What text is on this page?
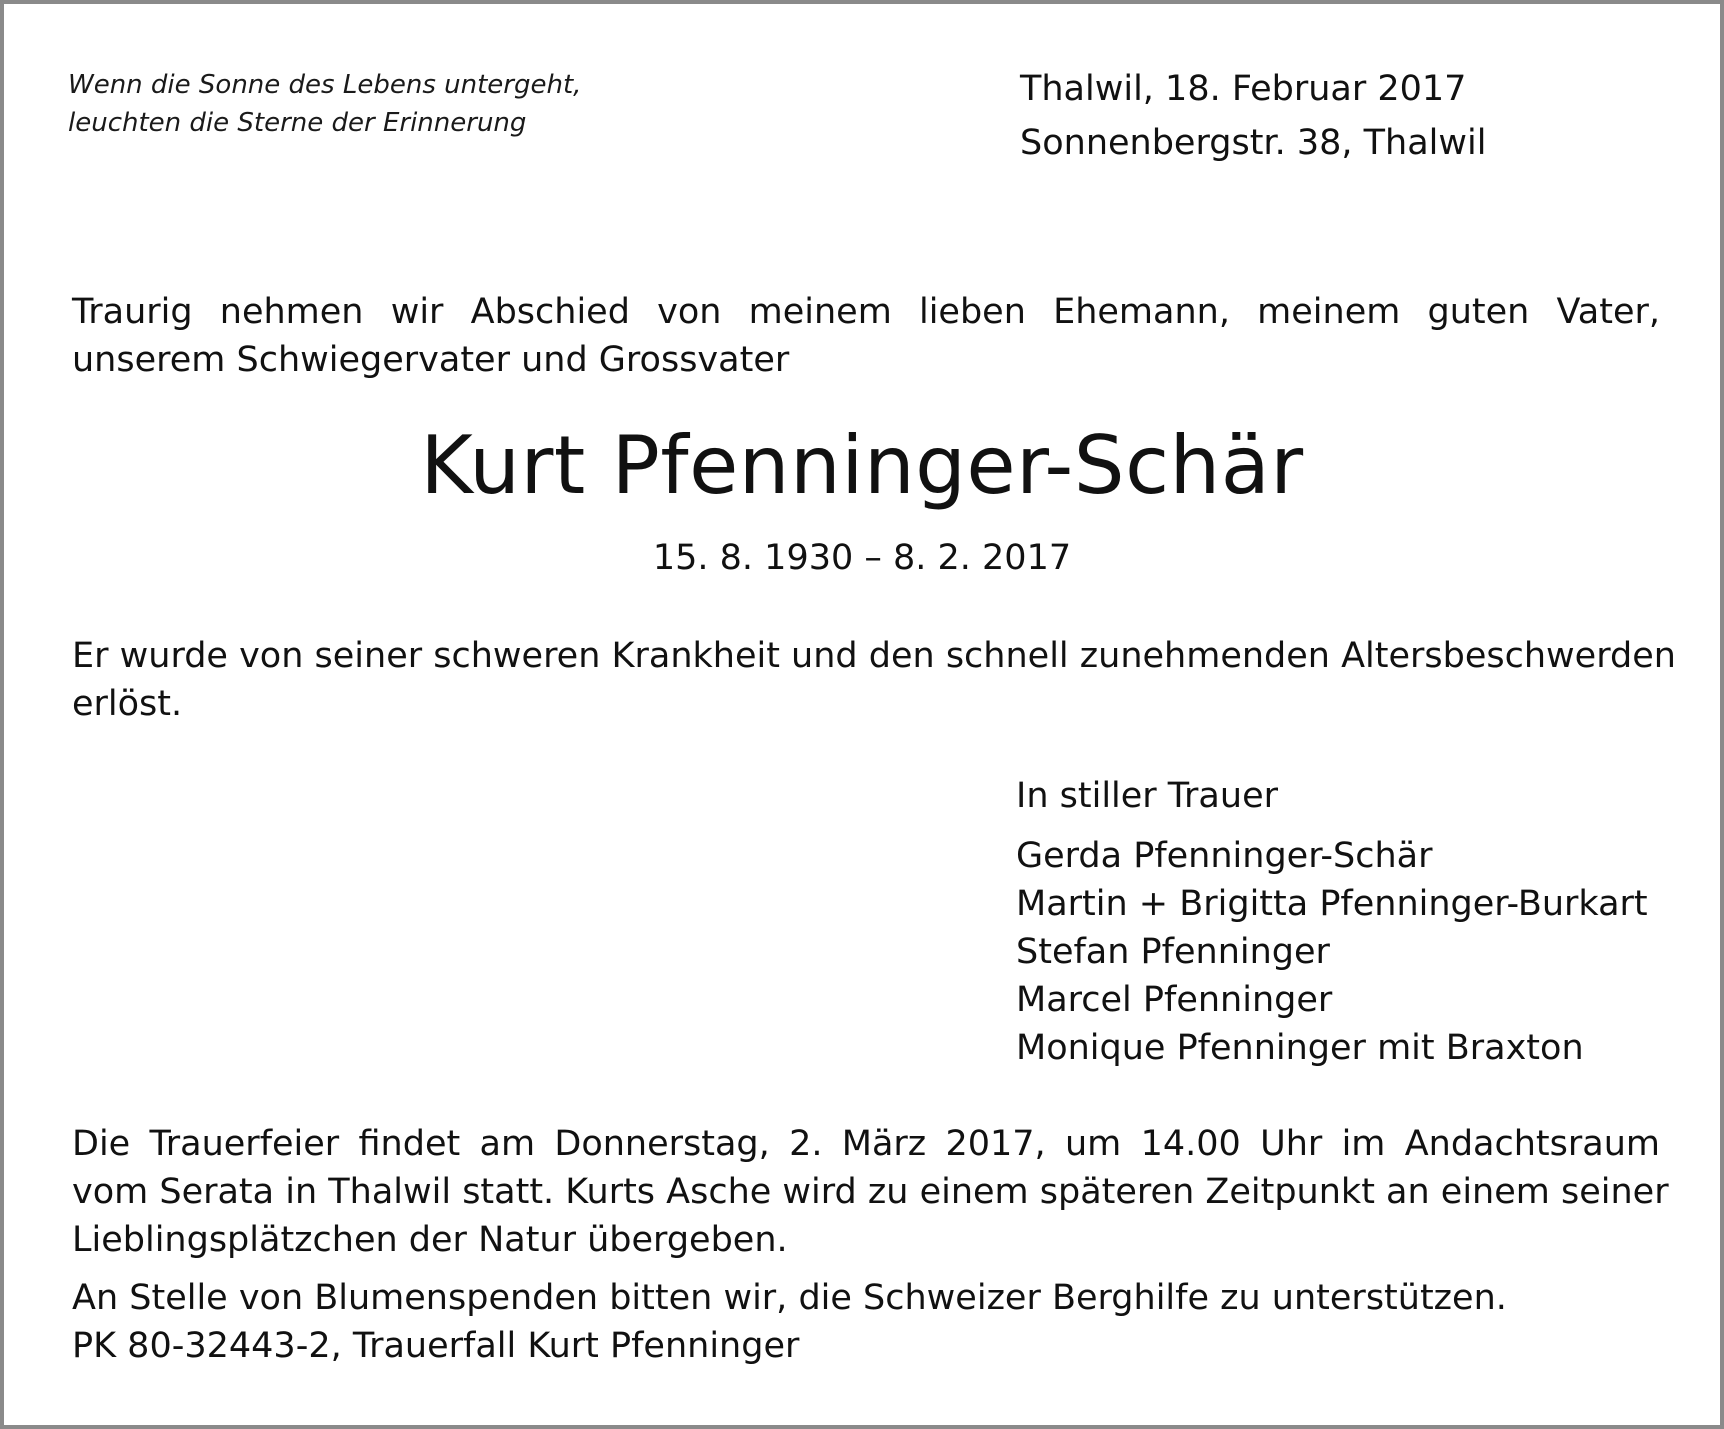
Wenn die Sonne des Lebens untergeht,
leuchten die Sterne der Erinnerung
Thalwil, 18. Februar 2017
Sonnenbergstr. 38, Thalwil
Traurig nehmen wir Abschied von meinem lieben Ehemann, meinem guten Vater,
unserem Schwiegervater und Grossvater
Kurt Pfenninger-Schär
15. 8. 1930 – 8. 2. 2017
Er wurde von seiner schweren Krankheit und den schnell zunehmenden Altersbeschwerden
erlöst.
In stiller Trauer
Gerda Pfenninger-Schär
Martin + Brigitta Pfenninger-Burkart
Stefan Pfenninger
Marcel Pfenninger
Monique Pfenninger mit Braxton
Die Trauerfeier findet am Donnerstag, 2. März 2017, um 14.00 Uhr im Andachtsraum
vom Serata in Thalwil statt. Kurts Asche wird zu einem späteren Zeitpunkt an einem seiner
Lieblingsplätzchen der Natur übergeben.
An Stelle von Blumenspenden bitten wir, die Schweizer Berghilfe zu unterstützen.
PK 80-32443-2, Trauerfall Kurt Pfenninger
